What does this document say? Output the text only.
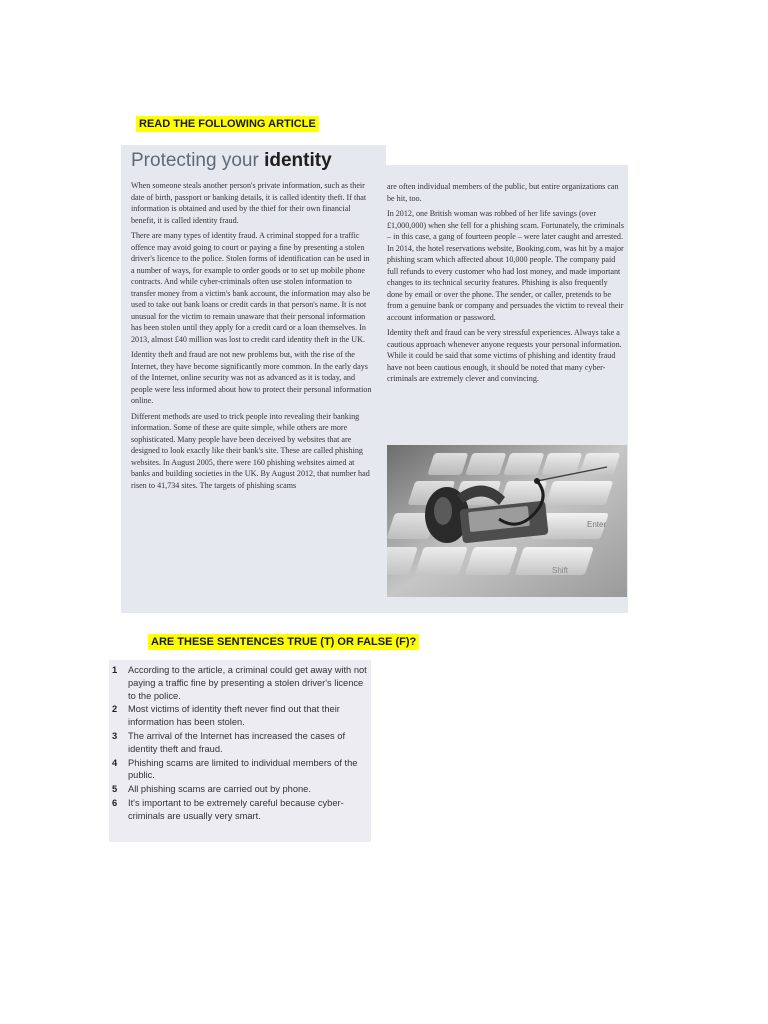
READ THE FOLLOWING ARTICLE
Protecting your identity

When someone steals another person's private information, such as their date of birth, passport or banking details, it is called identity theft. If that information is obtained and used by the thief for their own financial benefit, it is called identity fraud.

There are many types of identity fraud. A criminal stopped for a traffic offence may avoid going to court or paying a fine by presenting a stolen driver's licence to the police. Stolen forms of identification can be used in a number of ways, for example to order goods or to set up mobile phone contracts. And while cyber-criminals often use stolen information to transfer money from a victim's bank account, the information may also be used to take out bank loans or credit cards in that person's name. It is not unusual for the victim to remain unaware that their personal information has been stolen until they apply for a credit card or a loan themselves. In 2013, almost £40 million was lost to credit card identity theft in the UK.

Identity theft and fraud are not new problems but, with the rise of the Internet, they have become significantly more common. In the early days of the Internet, online security was not as advanced as it is today, and people were less informed about how to protect their personal information online.

Different methods are used to trick people into revealing their banking information. Some of these are quite simple, while others are more sophisticated. Many people have been deceived by websites that are designed to look exactly like their bank's site. These are called phishing websites. In August 2005, there were 160 phishing websites aimed at banks and building societies in the UK. By August 2012, that number had risen to 41,734 sites. The targets of phishing scams

are often individual members of the public, but entire organizations can be hit, too.

In 2012, one British woman was robbed of her life savings (over £1,000,000) when she fell for a phishing scam. Fortunately, the criminals – in this case, a gang of fourteen people – were later caught and arrested. In 2014, the hotel reservations website, Booking.com, was hit by a major phishing scam which affected about 10,000 people. The company paid full refunds to every customer who had lost money, and made important changes to its technical security features. Phishing is also frequently done by email or over the phone. The sender, or caller, pretends to be from a genuine bank or company and persuades the victim to reveal their account information or password.

Identity theft and fraud can be very stressful experiences. Always take a cautious approach whenever anyone requests your personal information. While it could be said that some victims of phishing and identity fraud have not been cautious enough, it should be noted that many cyber-criminals are extremely clever and convincing.

Enter
Shift
ARE THESE SENTENCES TRUE (T) OR FALSE (F)?
1	According to the article, a criminal could get away with not paying a traffic fine by presenting a stolen driver's licence to the police.
2	Most victims of identity theft never find out that their information has been stolen.
3	The arrival of the Internet has increased the cases of identity theft and fraud.
4	Phishing scams are limited to individual members of the public.
5	All phishing scams are carried out by phone.
6	It's important to be extremely careful because cyber-criminals are usually very smart.
